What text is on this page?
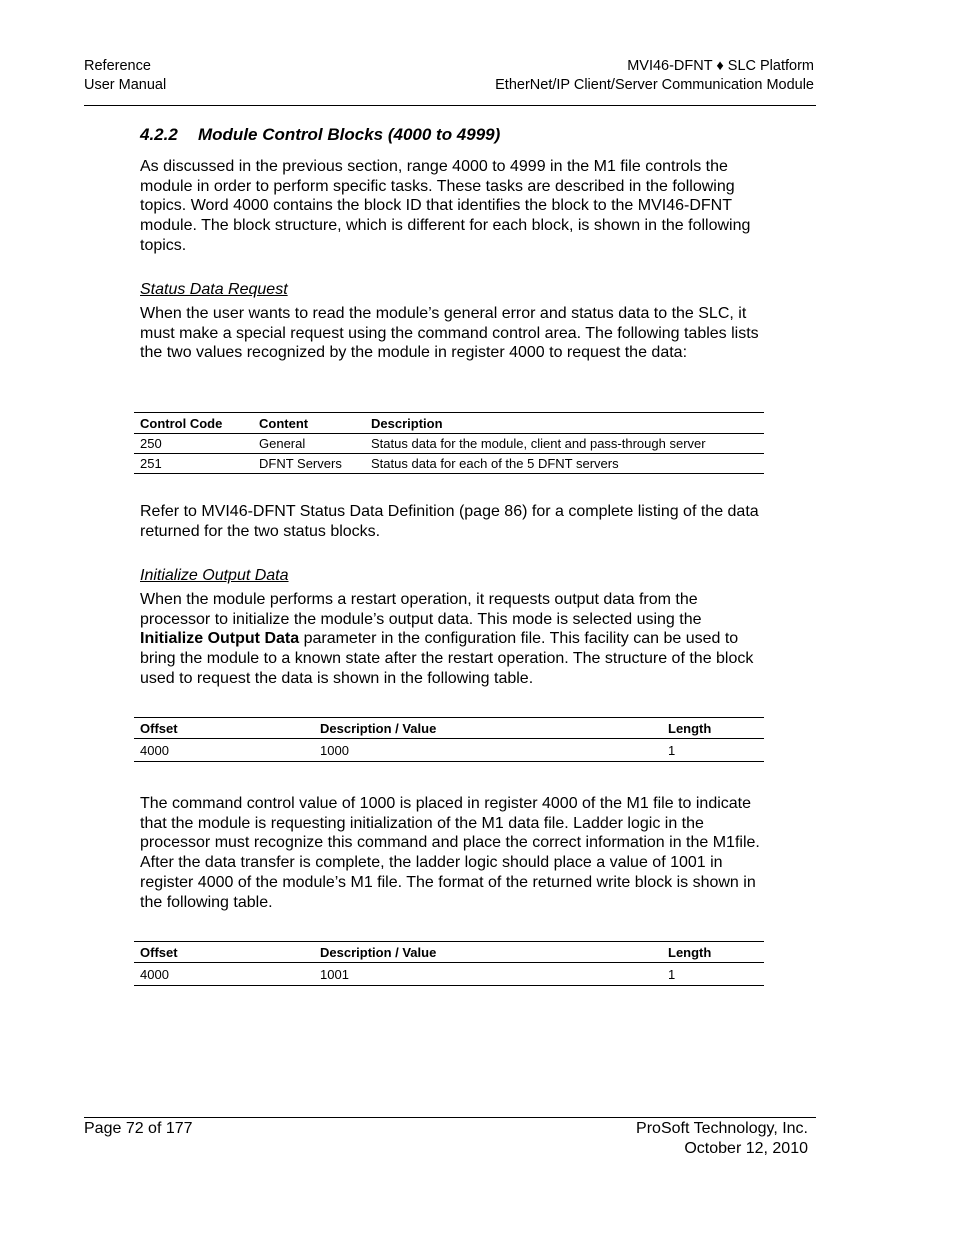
Reference
User Manual
MVI46-DFNT ♦ SLC Platform
EtherNet/IP Client/Server Communication Module
4.2.2 Module Control Blocks (4000 to 4999)

As discussed in the previous section, range 4000 to 4999 in the M1 file controls the module in order to perform specific tasks. These tasks are described in the following topics. Word 4000 contains the block ID that identifies the block to the MVI46-DFNT module. The block structure, which is different for each block, is shown in the following topics.

Status Data Request

When the user wants to read the module’s general error and status data to the SLC, it must make a special request using the command control area. The following tables lists the two values recognized by the module in register 4000 to request the data:

Control Code	Content	Description
250	General	Status data for the module, client and pass-through server
251	DFNT Servers	Status data for each of the 5 DFNT servers

Refer to MVI46-DFNT Status Data Definition (page 86) for a complete listing of the data returned for the two status blocks.

Initialize Output Data

When the module performs a restart operation, it requests output data from the processor to initialize the module’s output data. This mode is selected using the Initialize Output Data parameter in the configuration file. This facility can be used to bring the module to a known state after the restart operation. The structure of the block used to request the data is shown in the following table.

Offset	Description / Value	Length
4000	1000	1

The command control value of 1000 is placed in register 4000 of the M1 file to indicate that the module is requesting initialization of the M1 data file. Ladder logic in the processor must recognize this command and place the correct information in the M1file. After the data transfer is complete, the ladder logic should place a value of 1001 in register 4000 of the module’s M1 file. The format of the returned write block is shown in the following table.

Offset	Description / Value	Length
4000	1001	1
Page 72 of 177	ProSoft Technology, Inc.
October 12, 2010
